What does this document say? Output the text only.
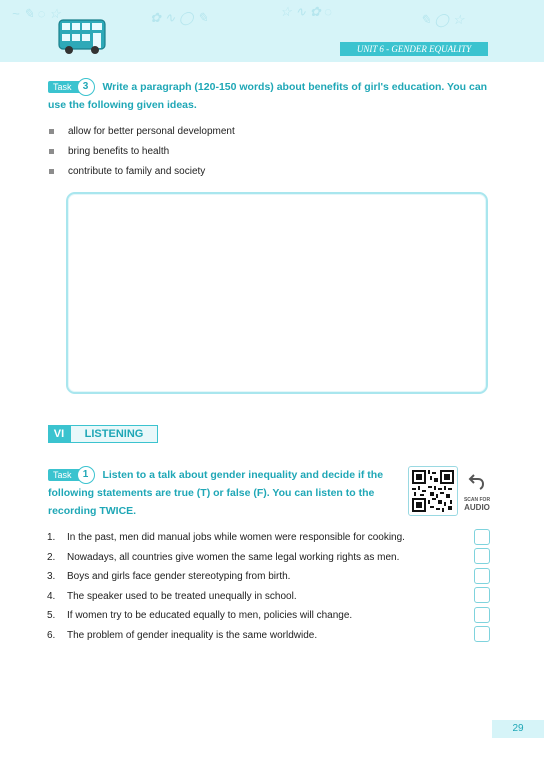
~ ✎ ◌ ☆	✿ ∿ ◯ ✎	☆ ∿ ✿ ◌
✎ ◯ ☆
UNIT 6 - GENDER EQUALITY
Task	3	Write a paragraph (120-150 words) about benefits of girl's education. You can
use the following given ideas.
allow for better personal development
bring benefits to health
contribute to family and society
VI	LISTENING
Task	1	Listen to a talk about gender inequality and decide if the
following statements are true (T) or false (F). You can listen to the
recording TWICE.
SCAN FOR
AUDIO
1. In the past, men did manual jobs while women were responsible for cooking.
2. Nowadays, all countries give women the same legal working rights as men.
3. Boys and girls face gender stereotyping from birth.
4. The speaker used to be treated unequally in school.
5. If women try to be educated equally to men, policies will change.
6. The problem of gender inequality is the same worldwide.
29
